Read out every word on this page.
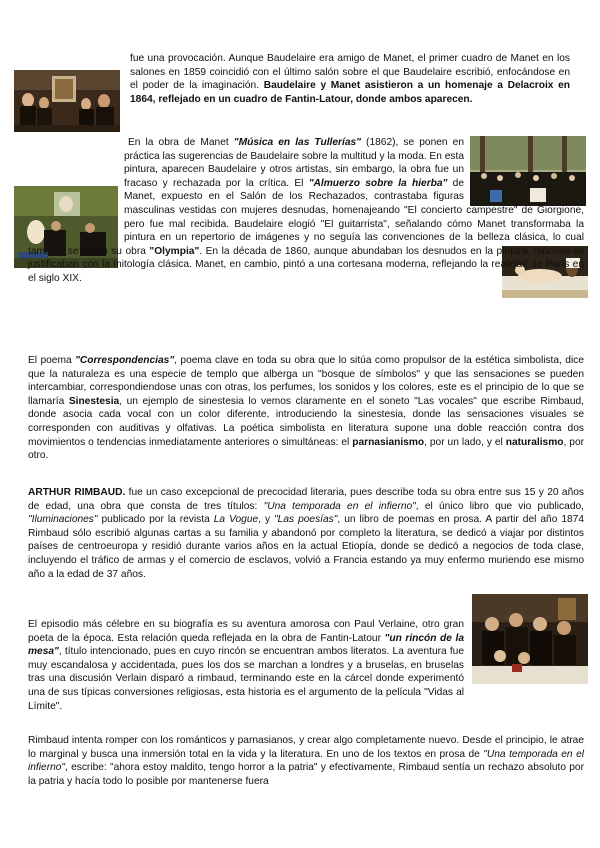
fue una provocación. Aunque Baudelaire era amigo de Manet, el primer cuadro de Manet en los salones en 1859 coincidió con el último salón sobre el que Baudelaire escribió, enfocándose en el poder de la imaginación. Baudelaire y Manet asistieron a un homenaje a Delacroix en 1864, reflejado en un cuadro de Fantin-Latour, donde ambos aparecen.
En la obra de Manet "Música en las Tullerías" (1862), se ponen en práctica las sugerencias de Baudelaire sobre la multitud y la moda. En esta pintura, aparecen Baudelaire y otros artistas, sin embargo, la obra fue un fracaso y rechazada por la crítica. El "Almuerzo sobre la hierba" de Manet, expuesto en el Salón de los Rechazados, contrastaba figuras masculinas vestidas con mujeres desnudas, homenajeando "El concierto campestre" de Giorgione, pero fue mal recibida. Baudelaire elogió "El guitarrista", señalando cómo Manet transformaba la pintura en un repertorio de imágenes y no seguía las convenciones de la belleza clásica, lo cual también se ve en su obra "Olympia". En la década de 1860, aunque abundaban los desnudos en la pintura, muchos se justificaban con la mitología clásica. Manet, en cambio, pintó a una cortesana moderna, reflejando la realidad de París en el siglo XIX.
El poema "Correspondencias", poema clave en toda su obra que lo sitúa como propulsor de la estética simbolista, dice que la naturaleza es una especie de templo que alberga un "bosque de símbolos" y que las sensaciones se pueden intercambiar, correspondiendose unas con otras, los perfumes, los sonidos y los colores, este es el principio de lo que se llamaría Sinestesia, un ejemplo de sinestesia lo vemos claramente en el soneto "Las vocales" que escribe Rimbaud, donde asocia cada vocal con un color diferente, introduciendo la sinestesia, donde las sensaciones visuales se corresponden con auditivas y olfativas. La poética simbolista en literatura supone una doble reacción contra dos movimientos o tendencias inmediatamente anteriores o simultáneas: el parnasianismo, por un lado, y el naturalismo, por otro.
ARTHUR RIMBAUD. fue un caso excepcional de precocidad literaria, pues describe toda su obra entre sus 15 y 20 años de edad, una obra que consta de tres títulos: "Una temporada en el infierno", el único libro que vio publicado, "Iluminaciones" publicado por la revista La Vogue, y "Las poesías", un libro de poemas en prosa. A partir del año 1874 Rimbaud sólo escribió algunas cartas a su familia y abandonó por completo la literatura, se dedicó a viajar por distintos países de centroeuropa y residió durante varios años en la actual Etiopía, donde se dedicó a negocios de toda clase, incluyendo el tráfico de armas y el comercio de esclavos, volvió a Francia estando ya muy enfermo muriendo ese mismo año a la edad de 37 años.
El episodio más célebre en su biografía es su aventura amorosa con Paul Verlaine, otro gran poeta de la época. Esta relación queda reflejada en la obra de Fantin-Latour "un rincón de la mesa", título intencionado, pues en cuyo rincón se encuentran ambos literatos. La aventura fue muy escandalosa y accidentada, pues los dos se marchan a londres y a bruselas, en bruselas tras una discusión Verlain disparó a rimbaud, terminando este en la cárcel donde experimentó una de sus típicas conversiones religiosas, esta historia es el argumento de la película "Vidas al Límite".
Rimbaud intenta romper con los románticos y parnasianos, y crear algo completamente nuevo. Desde el principio, le atrae lo marginal y busca una inmersión total en la vida y la literatura. En uno de los textos en prosa de "Una temporada en el infierno", escribe: "ahora estoy maldito, tengo horror a la patria" y efectivamente, Rimbaud sentía un rechazo absoluto por la patria y hacía todo lo posible por mantenerse fuera
